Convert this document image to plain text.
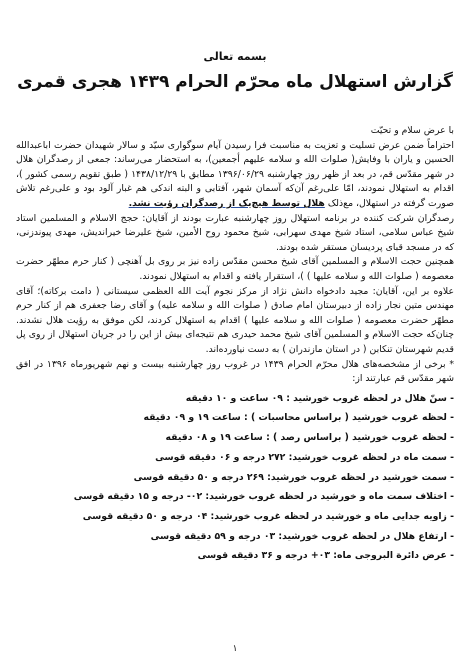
بسمه تعالی
گزارش استهلال ماه محرّم الحرام ۱۴۳۹ هجری قمری

با عرض سلام و تحیّت

احتراماً ضمن عرض تسلیت و تعزیت به مناسبت فرا رسیدن آیام سوگواری سیّد و سالار شهیدان حضرت اباعبدالله الحسین و یاران با وفایش( صلوات الله و سلامه علیهم أجمعین)، به استحضار می‌رساند: جمعی از رصدگران هلال در شهر مقدّس قم، در بعد از ظهر روز چهارشنبه ۱۳۹۶/۰۶/۲۹ مطابق با ۱۴۳۸/۱۲/۲۹ ( طبق تقویم رسمی کشور )، اقدام به استهلال نمودند، امّا علی‌رغم آن‌که آسمان شهر، آفتابی و البته اندکی هم غبار آلود بود و علی‌رغم تلاش صورت گرفته در استهلال، مع‌ذلک هلال توسط هیچ‌یک از رصدگران رؤیت نشد.

رصدگران شرکت کننده در برنامه استهلال روز چهارشنبه عبارت بودند از آقایان: حجج الاسلام و المسلمین استاد شیخ عباس سلامی، استاد شیخ مهدی سهرابی، شیخ محمود روح الأمین، شیخ علیرضا خیراندیش، مهدی پیوندزنی، که در مسجد قبای پردیسان مستقر شده بودند.

همچنین حجت الاسلام و المسلمین آقای شیخ محسن مقدّس زاده نیز بر روی بل آهنچی ( کنار حرم مطهّر حضرت معصومه ( صلوات الله و سلامه علیها ) )، استقرار یافته و اقدام به استهلال نمودند.

علاوه بر این، آقایان: مجید دادخواه دانش نژاد از مرکز نجوم آیت الله العظمی سیستانی ( دامت برکاته)؛ آقای مهندس متین نجار زاده از دبیرستان امام صادق ( صلوات الله و سلامه علیه) و آقای رضا جعفری هم از کنار حرم مطهّر حضرت معصومه ( صلوات الله و سلامه علیها ) اقدام به استهلال کردند، لکن موفق به رؤیت هلال نشدند. چنان‌که حجت الاسلام و المسلمین آقای شیخ محمد حیدری هم نتیجه‌ای بیش از این را در جریان استهلال از روی پل قدیم شهرستان تنکابن ( در استان مازندران ) به دست نیاورده‌اند.

* برخی از مشخصه‌های هلال محرّم الحرام ۱۴۳۹ در غروب روز چهارشنبه بیست و نهم شهریورماه ۱۳۹۶ در افق شهر مقدّس قم عبارتند از:

- سنّ هلال در لحظه غروب خورشید : ۰۹ ساعت و ۱۰ دقیقه
- لحظه غروب خورشید ( براساس محاسبات ) : ساعت ۱۹ و ۰۹ دقیقه
- لحظه غروب خورشید ( براساس رصد ) : ساعت ۱۹ و ۰۸ دقیقه
- سمت ماه در لحظه غروب خورشید: ۲۷۲ درجه و ۰۶ دقیقه قوسی
- سمت خورشید در لحظه غروب خورشید: ۲۶۹ درجه و ۵۰ دقیقه قوسی
- اختلاف سمت ماه و خورشید در لحظه غروب خورشید: ۰۲- درجه و ۱۵ دقیقه قوسی
- زاویه جدایی ماه و خورشید در لحظه غروب خورشید: ۰۴ درجه و ۵۰ دقیقه قوسی
- ارتفاع هلال در لحظه غروب خورشید: ۰۳ درجه و ۵۹ دقیقه قوسی
- عرض دائرة البروجی ماه: ۰۳+ درجه و ۳۶ دقیقه قوسی
۱
